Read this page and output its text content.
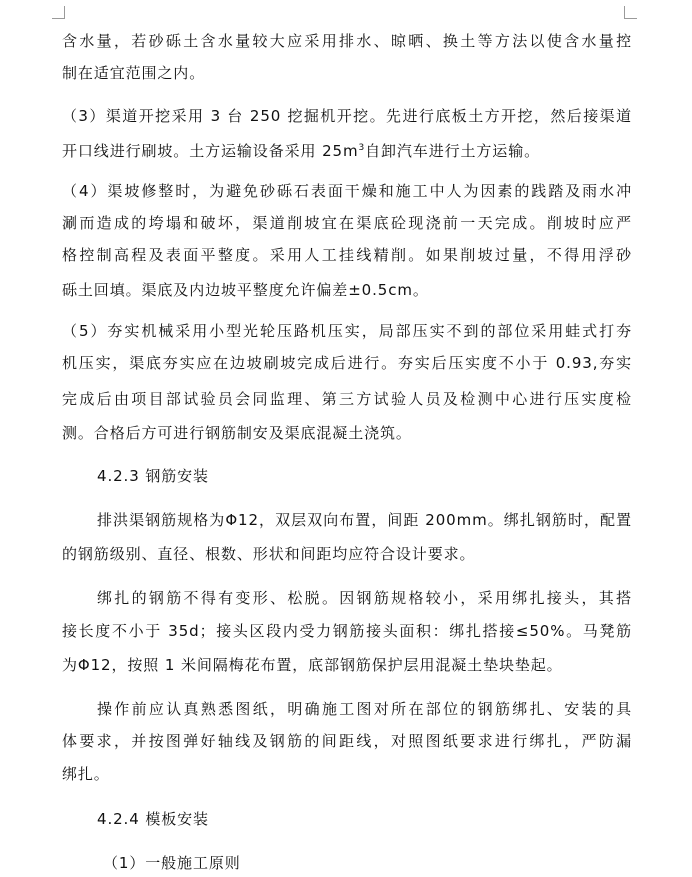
含水量，若砂砾土含水量较大应采用排水、晾晒、换土等方法以使含水量控
制在适宜范围之内。
（3）渠道开挖采用 3 台 250 挖掘机开挖。先进行底板土方开挖，然后接渠道
开口线进行刷坡。土方运输设备采用 $25m^3$自卸汽车进行土方运输。
（4）渠坡修整时，为避免砂砾石表面干燥和施工中人为因素的践踏及雨水冲
涮而造成的垮塌和破坏，渠道削坡宜在渠底砼现浇前一天完成。削坡时应严
格控制高程及表面平整度。采用人工挂线精削。如果削坡过量，不得用浮砂
砾土回填。渠底及内边坡平整度允许偏差±0.5cm。
（5）夯实机械采用小型光轮压路机压实，局部压实不到的部位采用蛙式打夯
机压实，渠底夯实应在边坡刷坡完成后进行。夯实后压实度不小于 0.93,夯实
完成后由项目部试验员会同监理、第三方试验人员及检测中心进行压实度检
测。合格后方可进行钢筋制安及渠底混凝土浇筑。
4.2.3 钢筋安装
排洪渠钢筋规格为Φ12，双层双向布置，间距 200mm。绑扎钢筋时，配置
的钢筋级别、直径、根数、形状和间距均应符合设计要求。
绑扎的钢筋不得有变形、松脱。因钢筋规格较小，采用绑扎接头，其搭
接长度不小于 35d；接头区段内受力钢筋接头面积：绑扎搭接≤50%。马凳筋
为Φ12，按照 1 米间隔梅花布置，底部钢筋保护层用混凝土垫块垫起。
操作前应认真熟悉图纸，明确施工图对所在部位的钢筋绑扎、安装的具
体要求，并按图弹好轴线及钢筋的间距线，对照图纸要求进行绑扎，严防漏
绑扎。
4.2.4 模板安装
（1）一般施工原则
